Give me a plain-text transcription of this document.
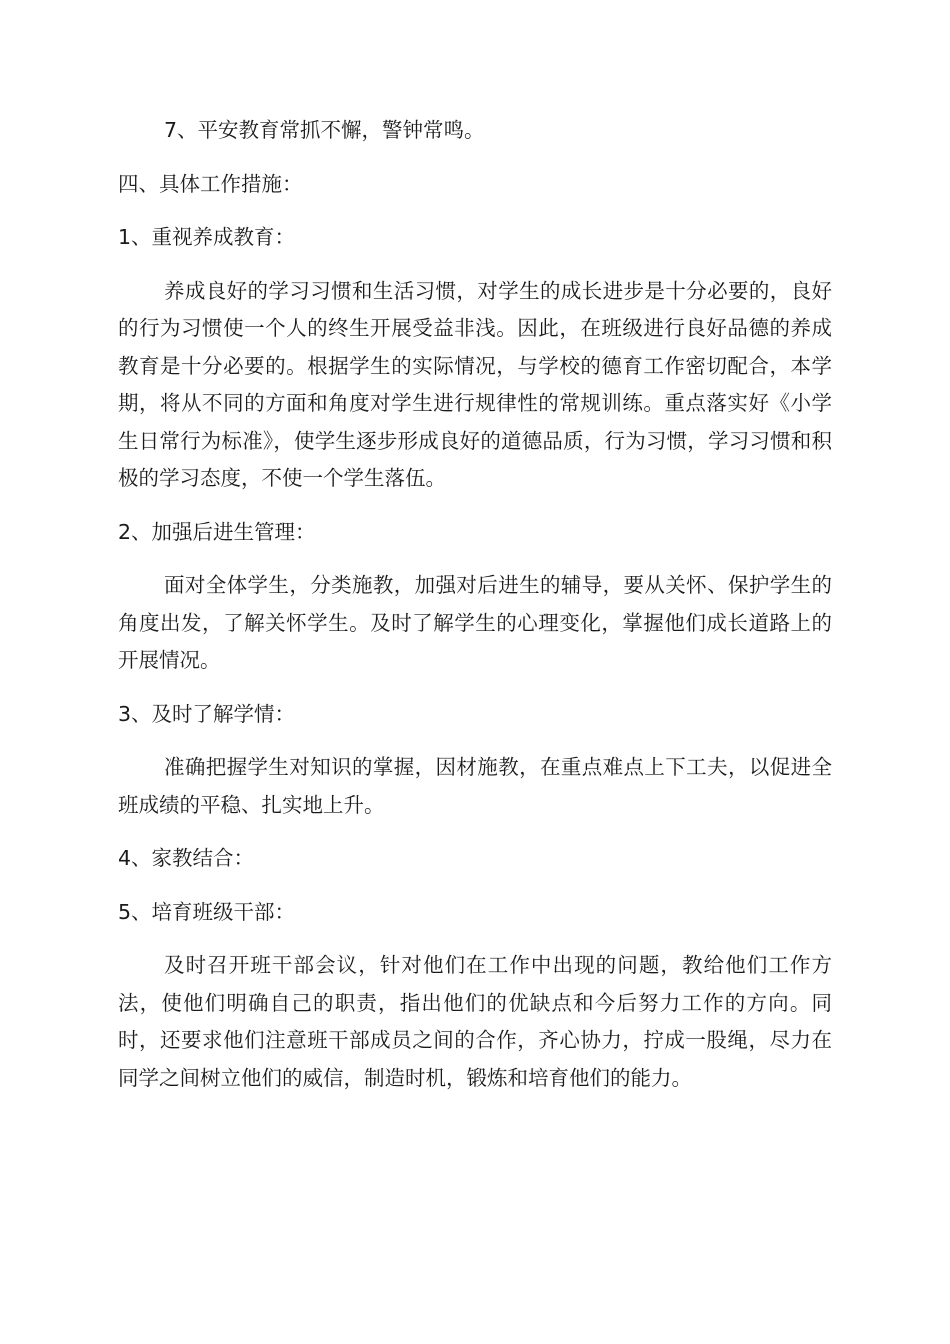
7、平安教育常抓不懈，警钟常鸣。

四、具体工作措施：

1、重视养成教育：

养成良好的学习习惯和生活习惯，对学生的成长进步是十分必要的，良好的行为习惯使一个人的终生开展受益非浅。因此，在班级进行良好品德的养成教育是十分必要的。根据学生的实际情况，与学校的德育工作密切配合，本学期，将从不同的方面和角度对学生进行规律性的常规训练。重点落实好《小学生日常行为标准》，使学生逐步形成良好的道德品质，行为习惯，学习习惯和积极的学习态度，不使一个学生落伍。

2、加强后进生管理：

面对全体学生，分类施教，加强对后进生的辅导，要从关怀、保护学生的角度出发，了解关怀学生。及时了解学生的心理变化，掌握他们成长道路上的开展情况。

3、及时了解学情：

准确把握学生对知识的掌握，因材施教，在重点难点上下工夫，以促进全班成绩的平稳、扎实地上升。

4、家教结合：

5、培育班级干部：

及时召开班干部会议，针对他们在工作中出现的问题，教给他们工作方法，使他们明确自己的职责，指出他们的优缺点和今后努力工作的方向。同时，还要求他们注意班干部成员之间的合作，齐心协力，拧成一股绳，尽力在同学之间树立他们的威信，制造时机，锻炼和培育他们的能力。
